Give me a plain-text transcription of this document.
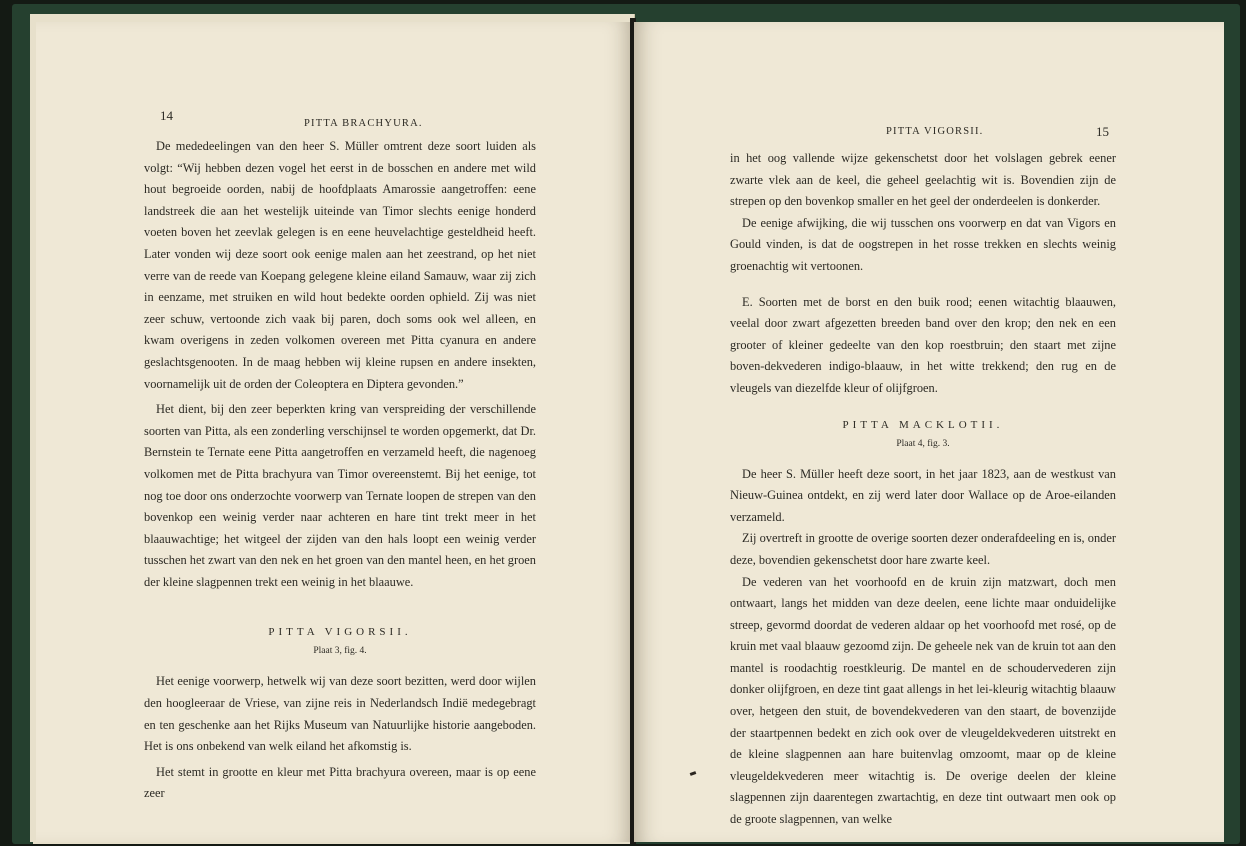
14
PITTA BRACHYURA.

De mededeelingen van den heer S. Müller omtrent deze soort luiden als volgt: “Wij hebben dezen vogel het eerst in de bosschen en andere met wild hout begroeide oorden, nabij de hoofdplaats Amarossie aangetroffen: eene landstreek die aan het westelijk uiteinde van Timor slechts eenige honderd voeten boven het zeevlak gelegen is en eene heuvelachtige gesteldheid heeft. Later vonden wij deze soort ook eenige malen aan het zeestrand, op het niet verre van de reede van Koepang gelegene kleine eiland Samauw, waar zij zich in eenzame, met struiken en wild hout bedekte oorden ophield. Zij was niet zeer schuw, vertoonde zich vaak bij paren, doch soms ook wel alleen, en kwam overigens in zeden volkomen overeen met Pitta cyanura en andere geslachtsgenooten. In de maag hebben wij kleine rupsen en andere insekten, voornamelijk uit de orden der Coleoptera en Diptera gevonden.”

Het dient, bij den zeer beperkten kring van verspreiding der verschillende soorten van Pitta, als een zonderling verschijnsel te worden opgemerkt, dat Dr. Bernstein te Ternate eene Pitta aangetroffen en verzameld heeft, die nagenoeg volkomen met de Pitta brachyura van Timor overeenstemt. Bij het eenige, tot nog toe door ons onderzochte voorwerp van Ternate loopen de strepen van den bovenkop een weinig verder naar achteren en hare tint trekt meer in het blaauwachtige; het witgeel der zijden van den hals loopt een weinig verder tusschen het zwart van den nek en het groen van den mantel heen, en het groen der kleine slagpennen trekt een weinig in het blaauwe.

PITTA VIGORSII.
Plaat 3, fig. 4.

Het eenige voorwerp, hetwelk wij van deze soort bezitten, werd door wijlen den hoogleeraar de Vriese, van zijne reis in Nederlandsch Indië medegebragt en ten geschenke aan het Rijks Museum van Natuurlijke historie aangeboden. Het is ons onbekend van welk eiland het afkomstig is.

Het stemt in grootte en kleur met Pitta brachyura overeen, maar is op eene zeer

PITTA VIGORSII.	15

in het oog vallende wijze gekenschetst door het volslagen gebrek eener zwarte vlek aan de keel, die geheel geelachtig wit is. Bovendien zijn de strepen op den bovenkop smaller en het geel der onderdeelen is donkerder.

De eenige afwijking, die wij tusschen ons voorwerp en dat van Vigors en Gould vinden, is dat de oogstrepen in het rosse trekken en slechts weinig groenachtig wit vertoonen.

E. Soorten met de borst en den buik rood; eenen witachtig blaauwen, veelal door zwart afgezetten breeden band over den krop; den nek en een grooter of kleiner gedeelte van den kop roestbruin; den staart met zijne boven-dekvederen indigo-blaauw, in het witte trekkend; den rug en de vleugels van diezelfde kleur of olijfgroen.

PITTA MACKLOTII.
Plaat 4, fig. 3.

De heer S. Müller heeft deze soort, in het jaar 1823, aan de westkust van Nieuw-Guinea ontdekt, en zij werd later door Wallace op de Aroe-eilanden verzameld.

Zij overtreft in grootte de overige soorten dezer onderafdeeling en is, onder deze, bovendien gekenschetst door hare zwarte keel.

De vederen van het voorhoofd en de kruin zijn matzwart, doch men ontwaart, langs het midden van deze deelen, eene lichte maar onduidelijke streep, gevormd doordat de vederen aldaar op het voorhoofd met rosé, op de kruin met vaal blaauw gezoomd zijn. De geheele nek van de kruin tot aan den mantel is roodachtig roestkleurig. De mantel en de schoudervederen zijn donker olijfgroen, en deze tint gaat allengs in het lei-kleurig witachtig blaauw over, hetgeen den stuit, de bovendekvederen van den staart, de bovenzijde der staartpennen bedekt en zich ook over de vleugeldekvederen uitstrekt en de kleine slagpennen aan hare buitenvlag omzoomt, maar op de kleine vleugeldekvederen meer witachtig is. De overige deelen der kleine slagpennen zijn daarentegen zwartachtig, en deze tint outwaart men ook op de groote slagpennen, van welke
